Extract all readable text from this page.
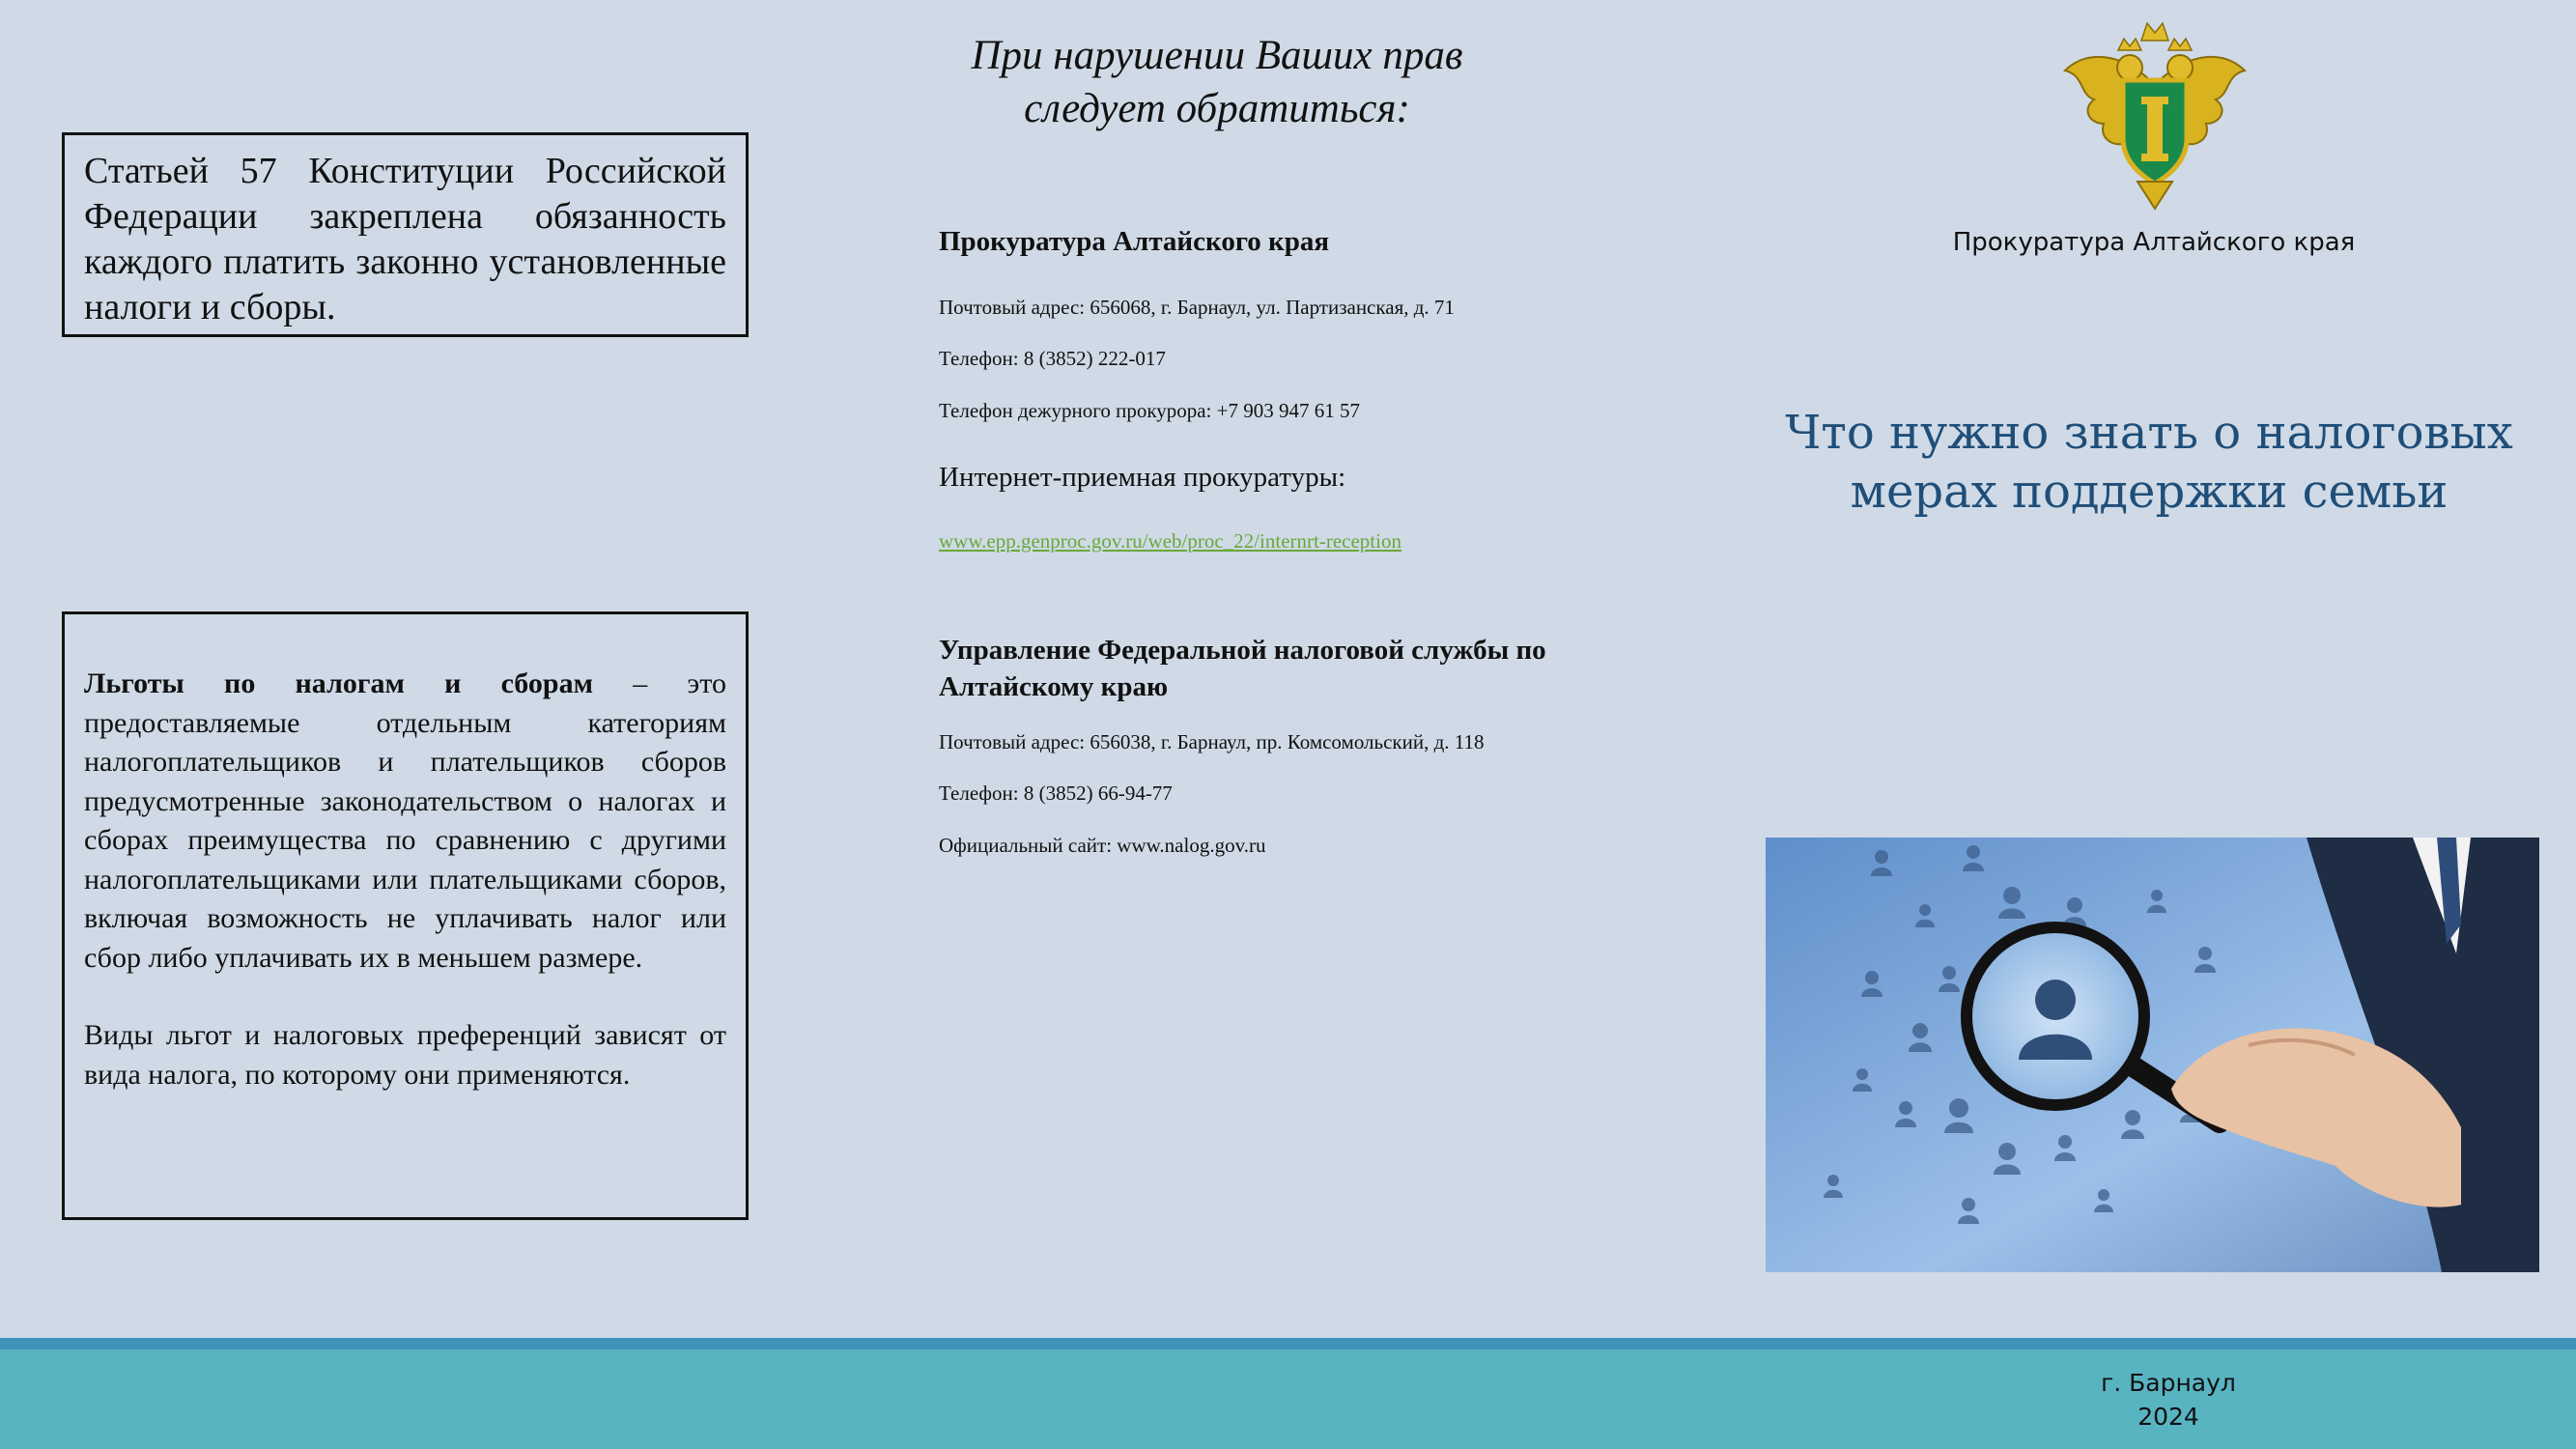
Статьей 57 Конституции Российской Федерации закреплена обязанность каждого платить законно установленные налоги и сборы.

Льготы по налогам и сборам – это предоставляемые отдельным категориям налогоплательщиков и плательщиков сборов предусмотренные законодательством о налогах и сборах преимущества по сравнению с другими налогоплательщиками или плательщиками сборов, включая возможность не уплачивать налог или сбор либо уплачивать их в меньшем размере.

Виды льгот и налоговых преференций зависят от вида налога, по которому они применяются.

При нарушении Ваших прав
следует обратиться:
Прокуратура Алтайского края
Почтовый адрес: 656068, г. Барнаул, ул. Партизанская, д. 71
Телефон: 8 (3852) 222-017
Телефон дежурного прокурора: +7 903 947 61 57
Интернет-приемная прокуратуры:
www.epp.genproc.gov.ru/web/proc_22/internrt-reception
Управление Федеральной налоговой службы по
Алтайскому краю
Почтовый адрес: 656038, г. Барнаул, пр. Комсомольский, д. 118
Телефон: 8 (3852) 66-94-77
Официальный сайт: www.nalog.gov.ru
Прокуратура Алтайского края
Что нужно знать о налоговых
мерах поддержки семьи
г. Барнаул
2024
